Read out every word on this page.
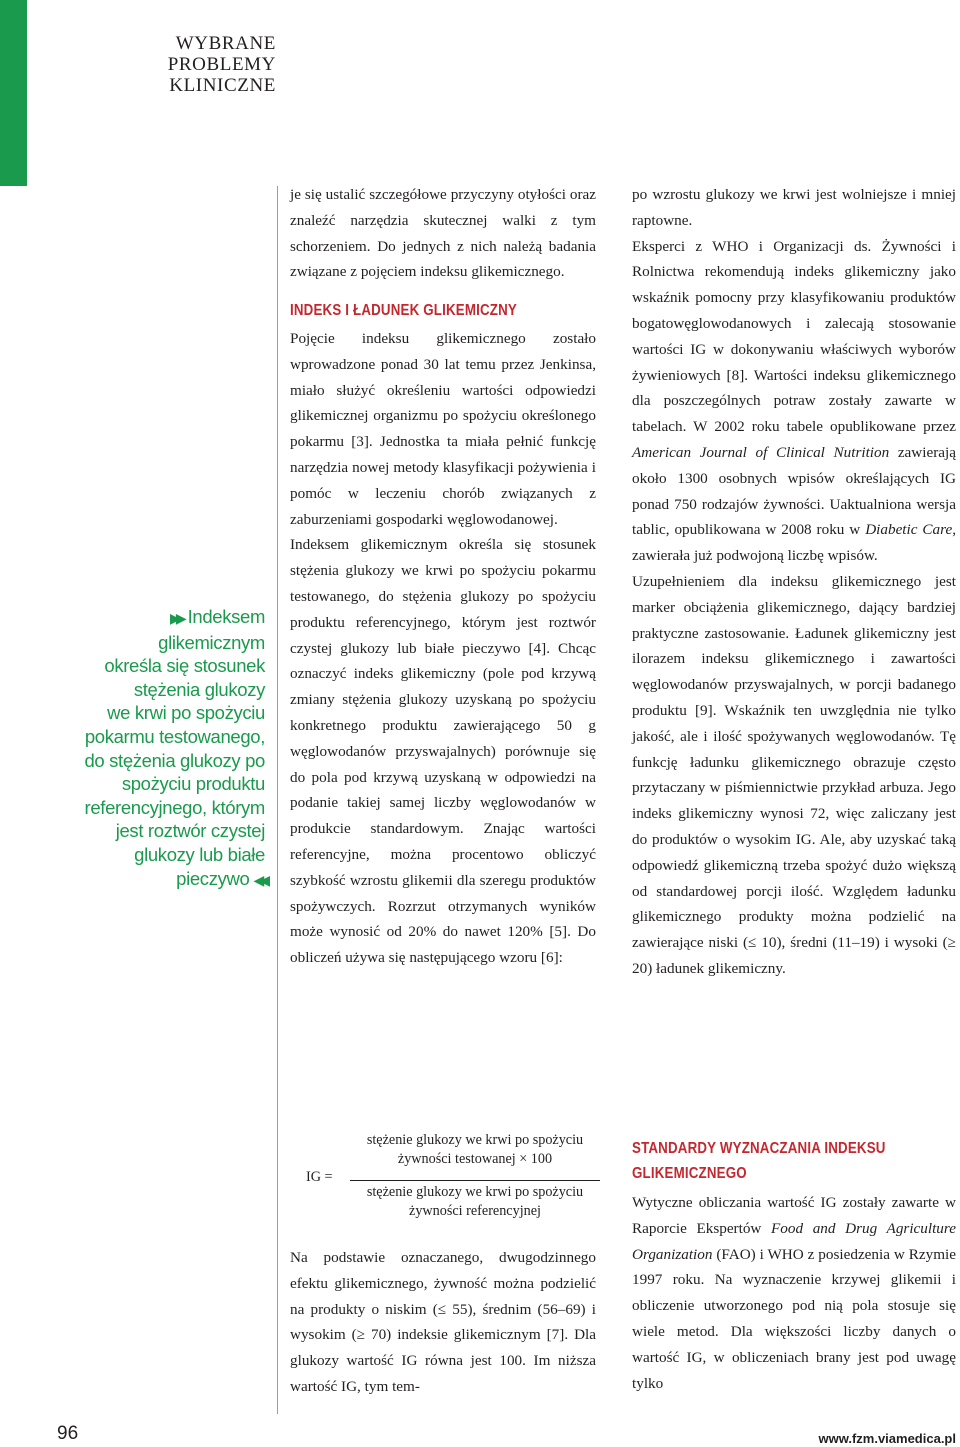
WYBRANE
PROBLEMY
KLINICZNE
▶▶ Indeksem
glikemicznym
określa się stosunek
stężenia glukozy
we krwi po spożyciu
pokarmu testowanego,
do stężenia glukozy po
spożyciu produktu
referencyjnego, którym
jest roztwór czystej
glukozy lub białe
pieczywo ◀◀

je się ustalić szczegółowe przyczyny otyłości oraz znaleźć narzędzia skutecznej walki z tym schorzeniem. Do jednych z nich należą badania związane z pojęciem indeksu glikemicznego.

INDEKS I ŁADUNEK GLIKEMICZNY

Pojęcie indeksu glikemicznego zostało wprowadzone ponad 30 lat temu przez Jenkinsa, miało służyć określeniu wartości odpowiedzi glikemicznej organizmu po spożyciu określonego pokarmu [3]. Jednostka ta miała pełnić funkcję narzędzia nowej metody klasyfikacji pożywienia i pomóc w leczeniu chorób związanych z zaburzeniami gospodarki węglowodanowej.

Indeksem glikemicznym określa się stosunek stężenia glukozy we krwi po spożyciu pokarmu testowanego, do stężenia glukozy po spożyciu produktu referencyjnego, którym jest roztwór czystej glukozy lub białe pieczywo [4]. Chcąc oznaczyć indeks glikemiczny (pole pod krzywą zmiany stężenia glukozy uzyskaną po spożyciu konkretnego produktu zawierającego 50 g węglowodanów przyswajalnych) porównuje się do pola pod krzywą uzyskaną w odpowiedzi na podanie takiej samej liczby węglowodanów w produkcie standardowym. Znając wartości referencyjne, można procentowo obliczyć szybkość wzrostu glikemii dla szeregu produktów spożywczych. Rozrzut otrzymanych wyników może wynosić od 20% do nawet 120% [5]. Do obliczeń używa się następującego wzoru [6]:

IG =
stężenie glukozy we krwi po spożyciu
żywności testowanej × 100
stężenie glukozy we krwi po spożyciu
żywności referencyjnej

Na podstawie oznaczanego, dwugodzinnego efektu glikemicznego, żywność można podzielić na produkty o niskim (≤ 55), średnim (56–69) i wysokim (≥ 70) indeksie glikemicznym [7]. Dla glukozy wartość IG równa jest 100. Im niższa wartość IG, tym tem-

po wzrostu glukozy we krwi jest wolniejsze i mniej raptowne.

Eksperci z WHO i Organizacji ds. Żywności i Rolnictwa rekomendują indeks glikemiczny jako wskaźnik pomocny przy klasyfikowaniu produktów bogatowęglowodanowych i zalecają stosowanie wartości IG w dokonywaniu właściwych wyborów żywieniowych [8]. Wartości indeksu glikemicznego dla poszczególnych potraw zostały zawarte w tabelach. W 2002 roku tabele opublikowane przez American Journal of Clinical Nutrition zawierają około 1300 osobnych wpisów określających IG ponad 750 rodzajów żywności. Uaktualniona wersja tablic, opublikowana w 2008 roku w Diabetic Care, zawierała już podwojoną liczbę wpisów.

Uzupełnieniem dla indeksu glikemicznego jest marker obciążenia glikemicznego, dający bardziej praktyczne zastosowanie. Ładunek glikemiczny jest ilorazem indeksu glikemicznego i zawartości węglowodanów przyswajalnych, w porcji badanego produktu [9]. Wskaźnik ten uwzględnia nie tylko jakość, ale i ilość spożywanych węglowodanów. Tę funkcję ładunku glikemicznego obrazuje często przytaczany w piśmiennictwie przykład arbuza. Jego indeks glikemiczny wynosi 72, więc zaliczany jest do produktów o wysokim IG. Ale, aby uzyskać taką odpowiedź glikemiczną trzeba spożyć dużo większą od standardowej porcji ilość. Względem ładunku glikemicznego produkty można podzielić na zawierające niski (≤ 10), średni (11–19) i wysoki (≥ 20) ładunek glikemiczny.

STANDARDY WYZNACZANIA INDEKSU
GLIKEMICZNEGO

Wytyczne obliczania wartość IG zostały zawarte w Raporcie Ekspertów Food and Drug Agriculture Organization (FAO) i WHO z posiedzenia w Rzymie 1997 roku. Na wyznaczenie krzywej glikemii i obliczenie utworzonego pod nią pola stosuje się wiele metod. Dla większości liczby danych o wartość IG, w obliczeniach brany jest pod uwagę tylko

96	www.fzm.viamedica.pl
